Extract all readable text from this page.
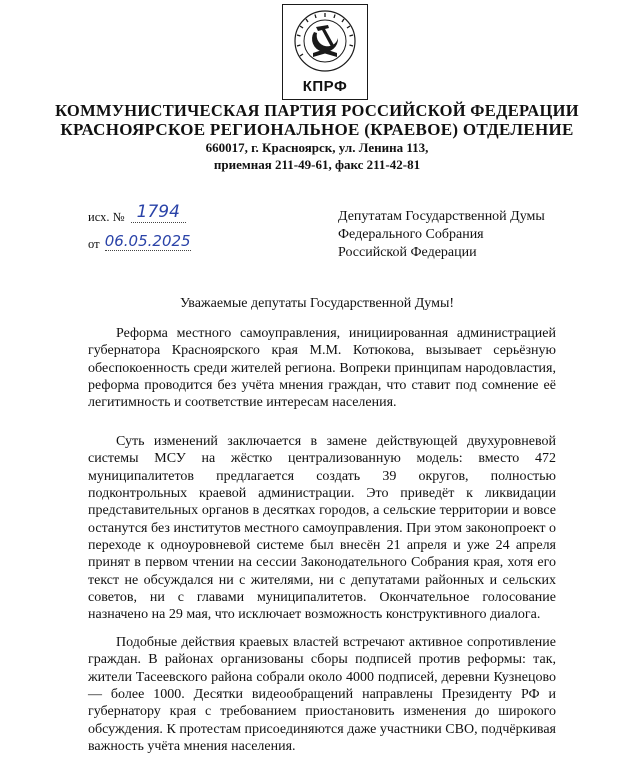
КПРФ
КОММУНИСТИЧЕСКАЯ ПАРТИЯ РОССИЙСКОЙ ФЕДЕРАЦИИ
КРАСНОЯРСКОЕ РЕГИОНАЛЬНОЕ (КРАЕВОЕ) ОТДЕЛЕНИЕ
660017, г. Красноярск, ул. Ленина 113,
приемная 211-49-61, факс 211-42-81
исх. № 1794
от 06.05.2025
Депутатам Государственной Думы
Федерального Собрания
Российской Федерации
Уважаемые депутаты Государственной Думы!
Реформа местного самоуправления, инициированная администрацией
губернатора Красноярского края М.М. Котюкова, вызывает серьёзную
обеспокоенность среди жителей региона. Вопреки принципам народовластия,
реформа проводится без учёта мнения граждан, что ставит под сомнение её
легитимность и соответствие интересам населения.
Суть изменений заключается в замене действующей двухуровневой
системы МСУ на жёстко централизованную модель: вместо 472
муниципалитетов предлагается создать 39 округов, полностью
подконтрольных краевой администрации. Это приведёт к ликвидации
представительных органов в десятках городов, а сельские территории и вовсе
останутся без институтов местного самоуправления. При этом законопроект о
переходе к одноуровневой системе был внесён 21 апреля и уже 24 апреля
принят в первом чтении на сессии Законодательного Собрания края, хотя его
текст не обсуждался ни с жителями, ни с депутатами районных и сельских
советов, ни с главами муниципалитетов. Окончательное голосование
назначено на 29 мая, что исключает возможность конструктивного диалога.
Подобные действия краевых властей встречают активное сопротивление
граждан. В районах организованы сборы подписей против реформы: так,
жители Тасеевского района собрали около 4000 подписей, деревни Кузнецово
— более 1000. Десятки видеообращений направлены Президенту РФ и
губернатору края с требованием приостановить изменения до широкого
обсуждения. К протестам присоединяются даже участники СВО, подчёркивая
важность учёта мнения населения.
